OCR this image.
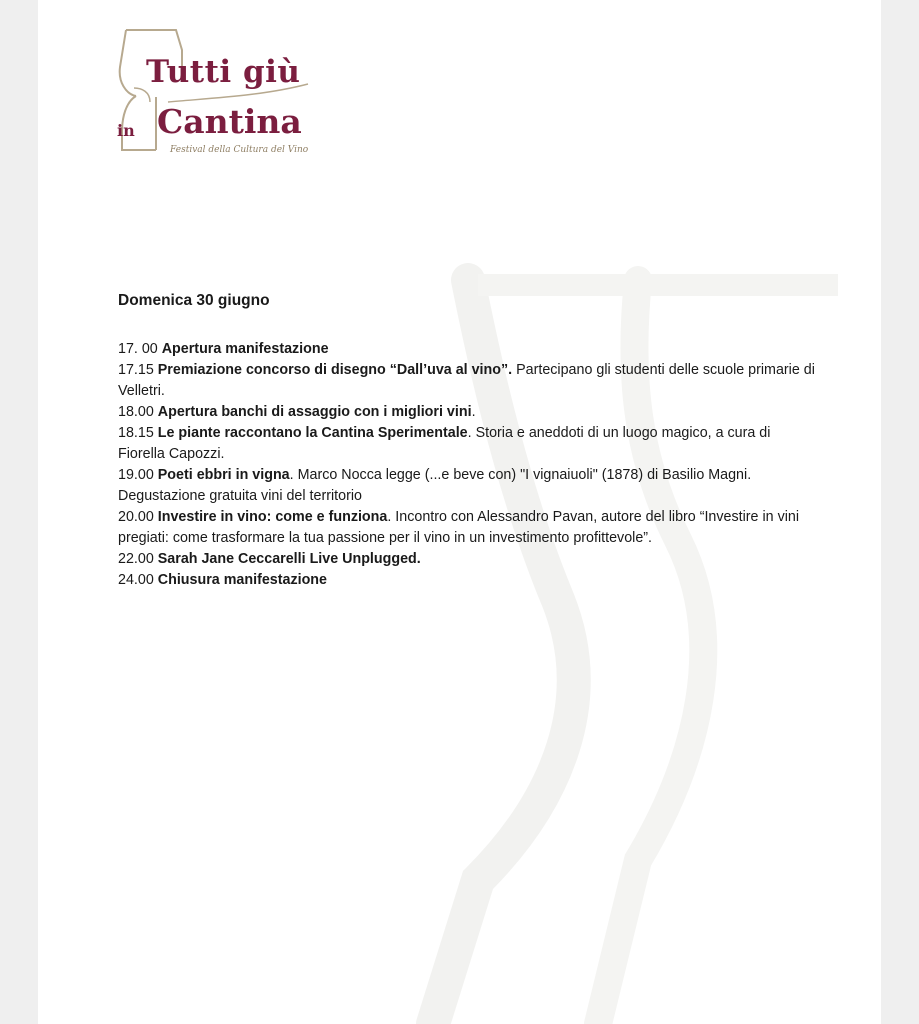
Tutti giù
in Cantina
Festival della Cultura del Vino
Domenica 30 giugno

17. 00 Apertura manifestazione

17.15 Premiazione concorso di disegno “Dall’uva al vino”. Partecipano gli studenti delle scuole primarie di Velletri.

18.00 Apertura banchi di assaggio con i migliori vini.

18.15 Le piante raccontano la Cantina Sperimentale. Storia e aneddoti di un luogo magico, a cura di Fiorella Capozzi.

19.00 Poeti ebbri in vigna. Marco Nocca legge (...e beve con) "I vignaiuoli" (1878) di Basilio Magni. Degustazione gratuita vini del territorio

20.00 Investire in vino: come e funziona. Incontro con Alessandro Pavan, autore del libro “Investire in vini pregiati: come trasformare la tua passione per il vino in un investimento profittevole”.

22.00 Sarah Jane Ceccarelli Live Unplugged.

24.00 Chiusura manifestazione
